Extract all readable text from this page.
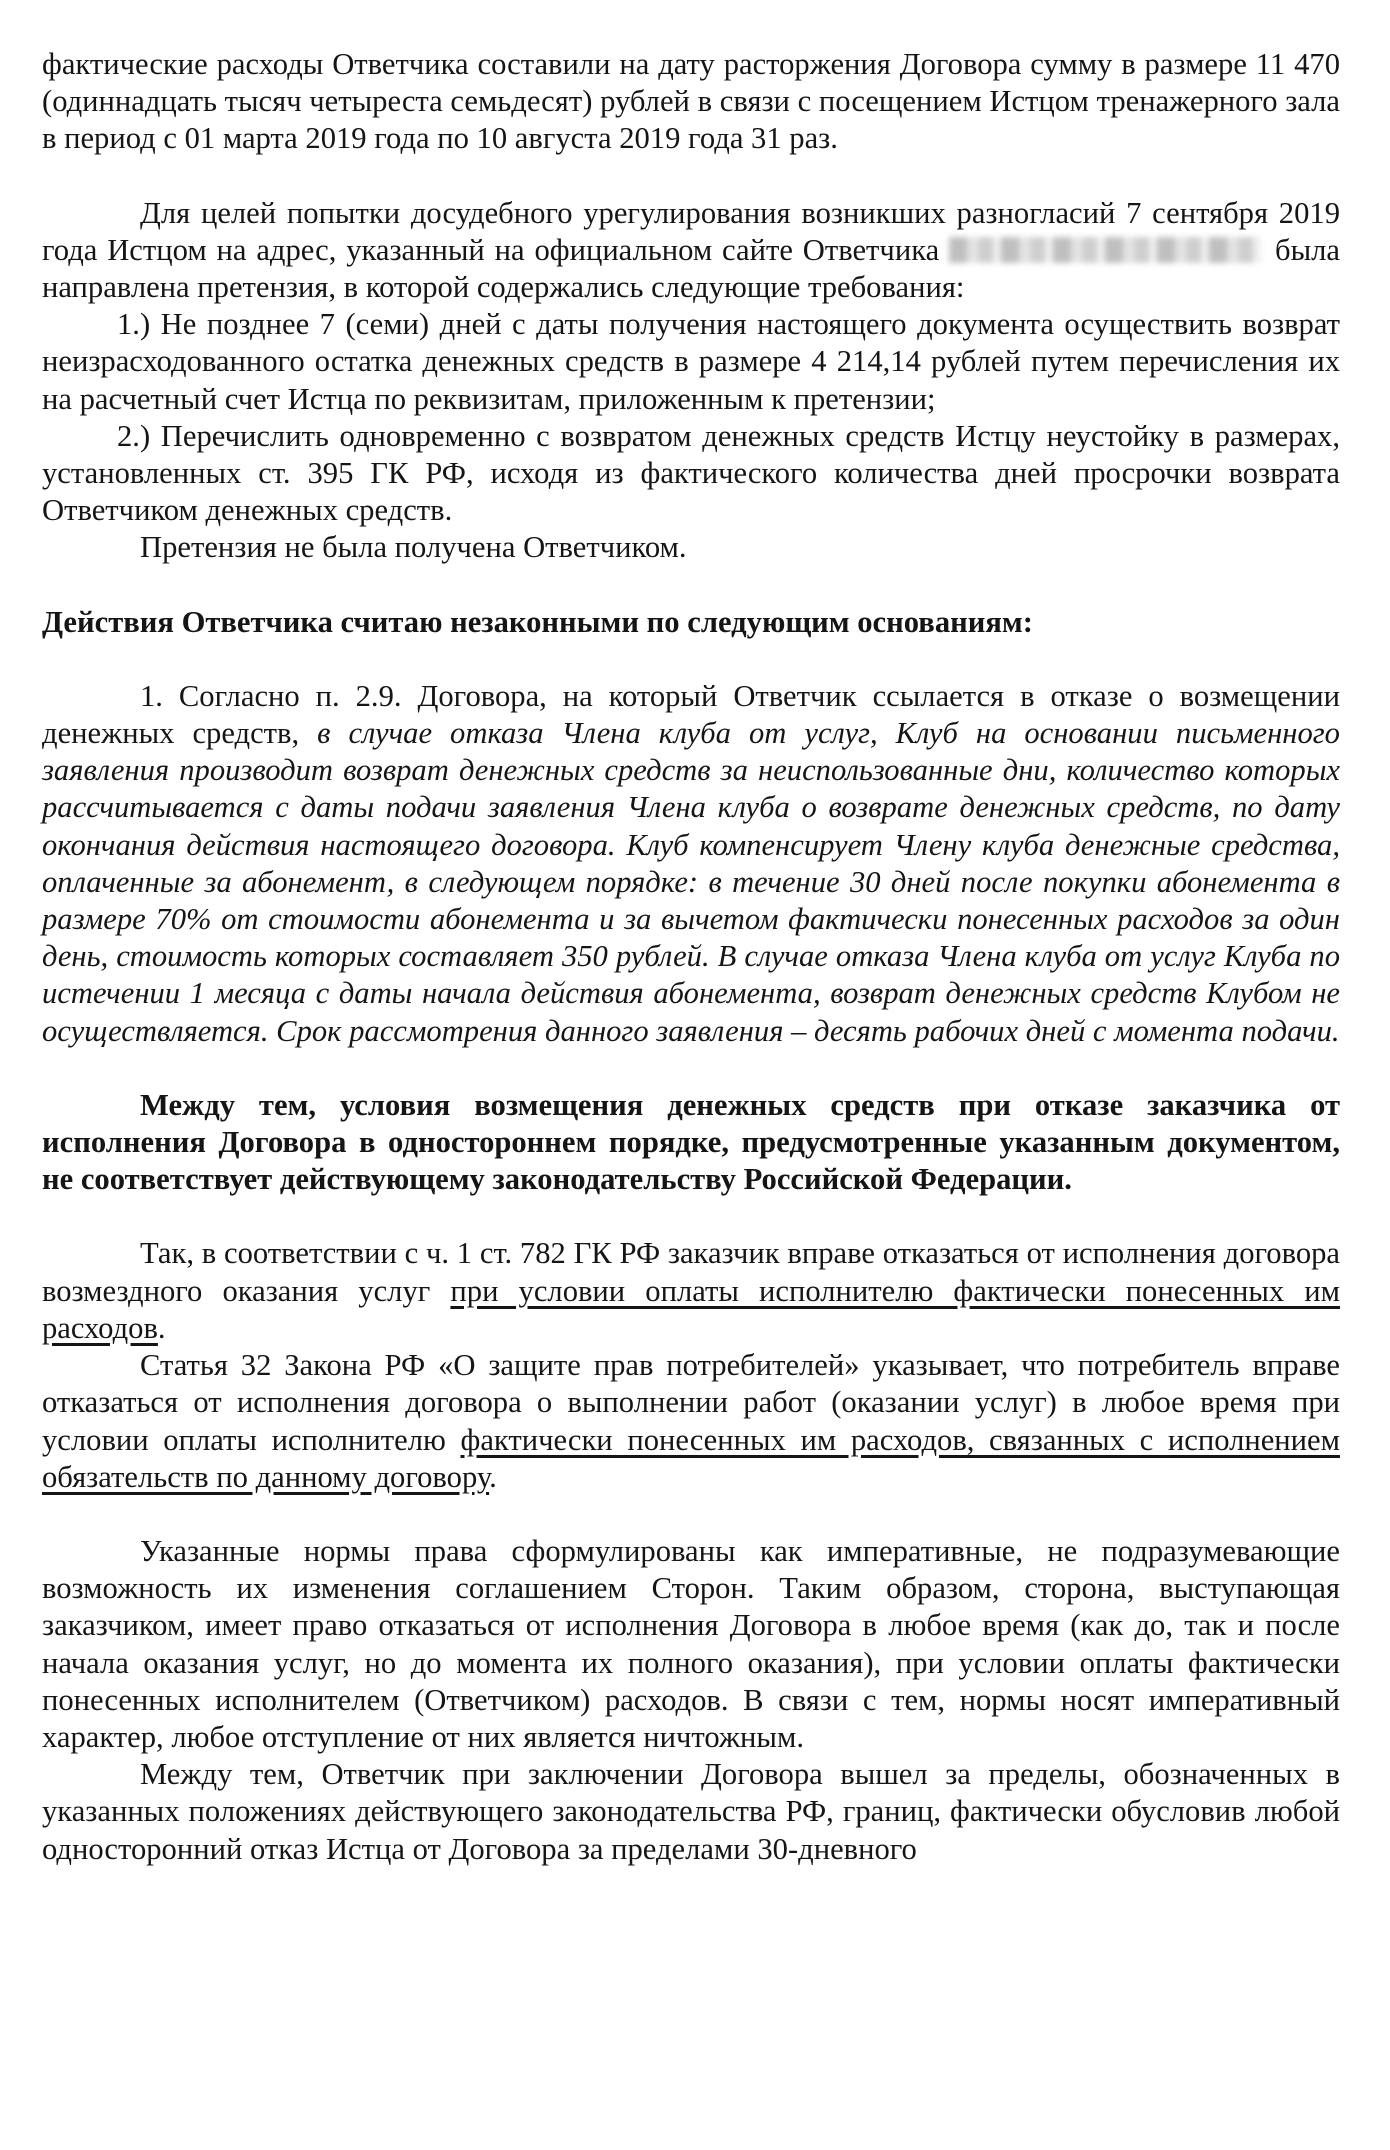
фактические расходы Ответчика составили на дату расторжения Договора сумму в размере 11 470 (одиннадцать тысяч четыреста семьдесят) рублей в связи с посещением Истцом тренажерного зала в период с 01 марта 2019 года по 10 августа 2019 года 31 раз.

Для целей попытки досудебного урегулирования возникших разногласий 7 сентября 2019 года Истцом на адрес, указанный на официальном сайте Ответчика	была направлена претензия, в которой содержались следующие требования:

1.) Не позднее 7 (семи) дней с даты получения настоящего документа осуществить возврат неизрасходованного остатка денежных средств в размере 4 214,14 рублей путем перечисления их на расчетный счет Истца по реквизитам, приложенным к претензии;

2.) Перечислить одновременно с возвратом денежных средств Истцу неустойку в размерах, установленных ст. 395 ГК РФ, исходя из фактического количества дней просрочки возврата Ответчиком денежных средств.

Претензия не была получена Ответчиком.

Действия Ответчика считаю незаконными по следующим основаниям:

1. Согласно п. 2.9. Договора, на который Ответчик ссылается в отказе о возмещении денежных средств, в случае отказа Члена клуба от услуг, Клуб на основании письменного заявления производит возврат денежных средств за неиспользованные дни, количество которых рассчитывается с даты подачи заявления Члена клуба о возврате денежных средств, по дату окончания действия настоящего договора. Клуб компенсирует Члену клуба денежные средства, оплаченные за абонемент, в следующем порядке: в течение 30 дней после покупки абонемента в размере 70% от стоимости абонемента и за вычетом фактически понесенных расходов за один день, стоимость которых составляет 350 рублей. В случае отказа Члена клуба от услуг Клуба по истечении 1 месяца с даты начала действия абонемента, возврат денежных средств Клубом не осуществляется. Срок рассмотрения данного заявления – десять рабочих дней с момента подачи.

Между тем, условия возмещения денежных средств при отказе заказчика от исполнения Договора в одностороннем порядке, предусмотренные указанным документом, не соответствует действующему законодательству Российской Федерации.

Так, в соответствии с ч. 1 ст. 782 ГК РФ заказчик вправе отказаться от исполнения договора возмездного оказания услуг при условии оплаты исполнителю фактически понесенных им расходов.

Статья 32 Закона РФ «О защите прав потребителей» указывает, что потребитель вправе отказаться от исполнения договора о выполнении работ (оказании услуг) в любое время при условии оплаты исполнителю фактически понесенных им расходов, связанных с исполнением обязательств по данному договору.

Указанные нормы права сформулированы как императивные, не подразумевающие возможность их изменения соглашением Сторон. Таким образом, сторона, выступающая заказчиком, имеет право отказаться от исполнения Договора в любое время (как до, так и после начала оказания услуг, но до момента их полного оказания), при условии оплаты фактически понесенных исполнителем (Ответчиком) расходов. В связи с тем, нормы носят императивный характер, любое отступление от них является ничтожным.

Между тем, Ответчик при заключении Договора вышел за пределы, обозначенных в указанных положениях действующего законодательства РФ, границ, фактически обусловив любой односторонний отказ Истца от Договора за пределами 30-дневного
